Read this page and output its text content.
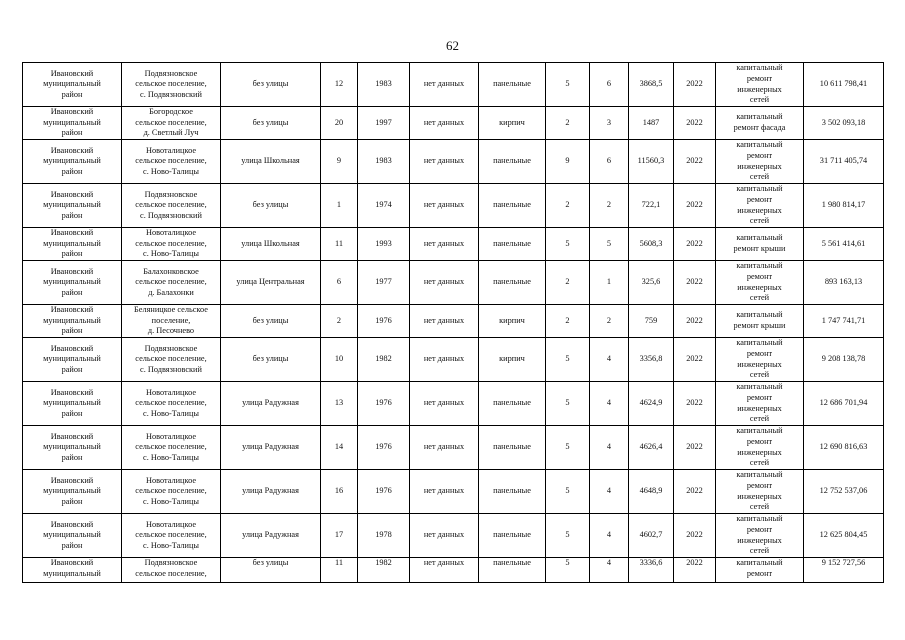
62
Ивановский
муниципальный
район	Подвязновское
сельское поселение,
с. Подвязновский	без улицы	12	1983	нет данных	панельные	5	6	3868,5	2022	капитальный
ремонт
инженерных
сетей	10 611 798,41
Ивановский
муниципальный
район	Богородское
сельское поселение,
д. Светлый Луч	без улицы	20	1997	нет данных	кирпич	2	3	1487	2022	капитальный
ремонт фасада	3 502 093,18
Ивановский
муниципальный
район	Новоталицкое
сельское поселение,
с. Ново-Талицы	улица Школьная	9	1983	нет данных	панельные	9	6	11560,3	2022	капитальный
ремонт
инженерных
сетей	31 711 405,74
Ивановский
муниципальный
район	Подвязновское
сельское поселение,
с. Подвязновский	без улицы	1	1974	нет данных	панельные	2	2	722,1	2022	капитальный
ремонт
инженерных
сетей	1 980 814,17
Ивановский
муниципальный
район	Новоталицкое
сельское поселение,
с. Ново-Талицы	улица Школьная	11	1993	нет данных	панельные	5	5	5608,3	2022	капитальный
ремонт крыши	5 561 414,61
Ивановский
муниципальный
район	Балахонковское
сельское поселение,
д. Балахонки	улица Центральная	6	1977	нет данных	панельные	2	1	325,6	2022	капитальный
ремонт
инженерных
сетей	893 163,13
Ивановский
муниципальный
район	Беляницкое сельское
поселение,
д. Песочнево	без улицы	2	1976	нет данных	кирпич	2	2	759	2022	капитальный
ремонт крыши	1 747 741,71
Ивановский
муниципальный
район	Подвязновское
сельское поселение,
с. Подвязновский	без улицы	10	1982	нет данных	кирпич	5	4	3356,8	2022	капитальный
ремонт
инженерных
сетей	9 208 138,78
Ивановский
муниципальный
район	Новоталицкое
сельское поселение,
с. Ново-Талицы	улица Радужная	13	1976	нет данных	панельные	5	4	4624,9	2022	капитальный
ремонт
инженерных
сетей	12 686 701,94
Ивановский
муниципальный
район	Новоталицкое
сельское поселение,
с. Ново-Талицы	улица Радужная	14	1976	нет данных	панельные	5	4	4626,4	2022	капитальный
ремонт
инженерных
сетей	12 690 816,63
Ивановский
муниципальный
район	Новоталицкое
сельское поселение,
с. Ново-Талицы	улица Радужная	16	1976	нет данных	панельные	5	4	4648,9	2022	капитальный
ремонт
инженерных
сетей	12 752 537,06
Ивановский
муниципальный
район	Новоталицкое
сельское поселение,
с. Ново-Талицы	улица Радужная	17	1978	нет данных	панельные	5	4	4602,7	2022	капитальный
ремонт
инженерных
сетей	12 625 804,45
Ивановский
муниципальный	Подвязновское
сельское поселение,	без улицы	11	1982	нет данных	панельные	5	4	3336,6	2022	капитальный
ремонт	9 152 727,56
